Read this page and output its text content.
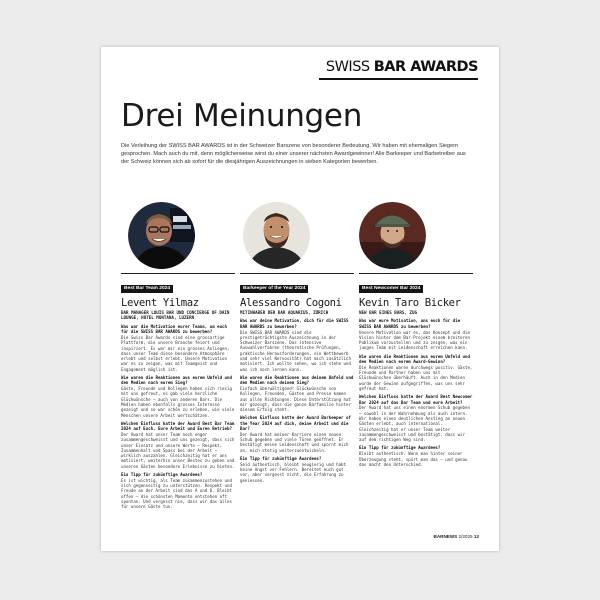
SWISS BAR AWARDS
Drei Meinungen

Die Verleihung der SWISS BAR AWARDS ist in der Schweizer Barszene von besonderer Bedeutung. Wir haben mit ehemaligen Siegern gesprochen. Mach auch du mit, denn möglicherweise wirst du einer unserer nächsten Awardgewinner! Alle Barkeeper und Barbetreiber aus der Schweiz können sich ab sofort für die diesjährigen Auszeichnungen in sieben Kategorien bewerben.

Best Bar Team 2024
Levent Yilmaz

BAR MANAGER LOUIS BAR UND CONCIERGE OF DAIN LOUNGE, HOTEL MONTANA, LUZERN

Was war die Motivation eurer Teams, um euch für die SWISS BAR AWARDS zu bewerben?

Die Swiss Bar Awards sind eine grossartige Plattform, die unsere Branche feiert und inspiriert. Es war mir ein grosses Anliegen, dass unser Team diese besondere Atmosphäre erlebt und selbst erlebt. Unsere Motivation war es zu zeigen, was mit Teamgeist und Engagement möglich ist.

Wie waren die Reaktionen aus eurem Umfeld und den Medien nach eurem Sieg?

Gäste, Freunde und Kollegen haben sich riesig mit uns gefreut, es gab viele herzliche Glückwünsche – auch von anderen Bars. Die Medien haben ebenfalls grosses Interesse gezeigt und so war schön zu erleben, wie viele Menschen unsere Arbeit wertschätzen.

Welchen Einfluss hatte der Award Best Bar Team 2024 auf Euch, Eure Arbeit und Euren Betrieb?

Der Award hat unser Team noch enger zusammengeschweisst und uns gezeigt, dass sich unser Einsatz und unsere Werte – Respekt, Zusammenhalt und Spass bei der Arbeit – wirklich auszahlen. Gleichzeitig hat er uns motiviert, weiterhin unser Bestes zu geben und unseren Gästen besondere Erlebnisse zu bieten.

Ein Tipp für zukünftige Awardees?

Es ist wichtig, als Team zusammenzustehen und sich gegenseitig zu unterstützen. Respekt und Freude an der Arbeit sind das A und O. Bleibt offen – die schönsten Momente entstehen oft spontan. Und vergesst nie, dass wir das alles für unsere Gäste tun.

Barkeeper of the Year 2024
Alessandro Cogoni

MITINHABER DER BAR AQUARIUS, ZÜRICH

Was war deine Motivation, dich für die SWISS BAR AWARDS zu bewerben?

Die SWISS BAR AWARDS sind die prestigeträchtigste Auszeichnung in der Schweizer Barszene. Das intensive Auswahlverfahren (theoretische Prüfungen, praktische Herausforderungen, ein Wettbewerb und sehr viel Nervosität) hat mich zusätzlich motiviert. Ich wollte sehen, wo ich stehe und was ich noch lernen kann.

Wie waren die Reaktionen aus deinem Umfeld und den Medien nach deinem Sieg?

Einfach überwältigend! Glückwünsche von Kollegen, Freunden, Gästen und Presse kamen aus allen Richtungen. Diese Unterstützung hat mir gezeigt, dass die ganze Barfamilie hinter diesem Erfolg steht.

Welchen Einfluss hatte der Award Barkeeper of the Year 2024 auf dich, deine Arbeit und die Bar?

Der Award hat meiner Karriere einen neuen Schub gegeben und viele Türen geöffnet. Er bestätigt meine Leidenschaft und spornt mich an, mich stetig weiterzuentwickeln.

Ein Tipp für zukünftige Awardees?

Seid authentisch, bleibt neugierig und habt keine Angst vor Fehlern. Bereitet euch gut vor, aber vergesst nicht, die Erfahrung zu geniessen.

Best Newcomer Bar 2024
Kevin Taro Bicker

NEW BAR EINES BARS, ZUG

Was war eure Motivation, uns euch für die SWISS BAR AWARDS zu bewerben?

Unsere Motivation war es, das Konzept und die Vision hinter dem Bar-Projekt einem breiteren Publikum vorzustellen und zu zeigen, was ein junges Team mit Leidenschaft erreichen kann.

Wie waren die Reaktionen aus eurem Umfeld und den Medien nach eurem Award-Gewinn?

Die Reaktionen waren durchwegs positiv. Gäste, Freunde und Partner haben uns mit Glückwünschen überhäuft. Auch in den Medien wurde der Gewinn aufgegriffen, was uns sehr gefreut hat.

Welchen Einfluss hatte der Award Best Newcomer Bar 2024 auf das Bar Team und eure Arbeit?

Der Award hat uns einen enormen Schub gegeben – sowohl in der Wahrnehmung als auch intern. Wir haben einen deutlichen Anstieg an neuen Gästen erlebt, auch international. Gleichzeitig hat er unser Team weiter zusammengeschweisst und bestätigt, dass wir auf dem richtigen Weg sind.

Ein Tipp für zukünftige Awardees?

Bleibt authentisch. Wenn man hinter seiner Überzeugung steht, spürt man das – und genau das macht den Unterschied.

BARNEWS 2/2025 13
